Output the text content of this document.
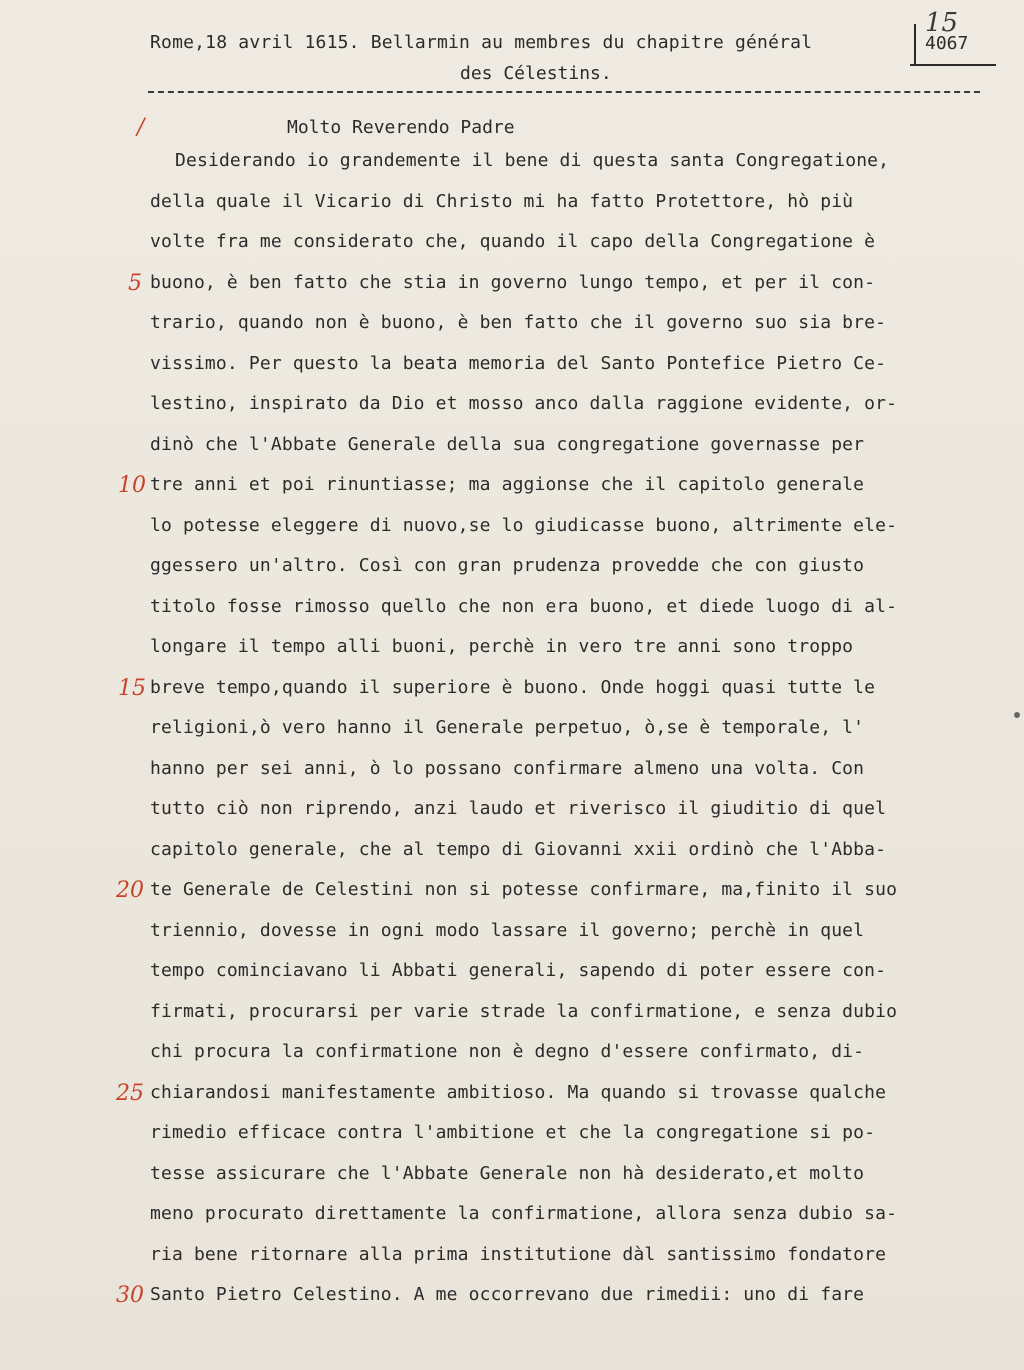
Rome,18 avril 1615. Bellarmin au membres du chapitre général
des Célestins.
15
4067
/	Molto Reverendo Padre
Desiderando io grandemente il bene di questa santa Congregatione,
della quale il Vicario di Christo mi ha fatto Protettore, hò più
volte fra me considerato che, quando il capo della Congregatione è
buono, è ben fatto che stia in governo lungo tempo, et per il con-
trario, quando non è buono, è ben fatto che il governo suo sia bre-
vissimo. Per questo la beata memoria del Santo Pontefice Pietro Ce-
lestino, inspirato da Dio et mosso anco dalla raggione evidente, or-
dinò che l'Abbate Generale della sua congregatione governasse per
tre anni et poi rinuntiasse; ma aggionse che il capitolo generale
lo potesse eleggere di nuovo,se lo giudicasse buono, altrimente ele-
ggessero un'altro. Così con gran prudenza provedde che con giusto
titolo fosse rimosso quello che non era buono, et diede luogo di al-
longare il tempo alli buoni, perchè in vero tre anni sono troppo
breve tempo,quando il superiore è buono. Onde hoggi quasi tutte le
religioni,ò vero hanno il Generale perpetuo, ò,se è temporale, l'
hanno per sei anni, ò lo possano confirmare almeno una volta. Con
tutto ciò non riprendo, anzi laudo et riverisco il giuditio di quel
capitolo generale, che al tempo di Giovanni xxii ordinò che l'Abba-
te Generale de Celestini non si potesse confirmare, ma,finito il suo
triennio, dovesse in ogni modo lassare il governo; perchè in quel
tempo cominciavano li Abbati generali, sapendo di poter essere con-
firmati, procurarsi per varie strade la confirmatione, e senza dubio
chi procura la confirmatione non è degno d'essere confirmato, di-
chiarandosi manifestamente ambitioso. Ma quando si trovasse qualche
rimedio efficace contra l'ambitione et che la congregatione si po-
tesse assicurare che l'Abbate Generale non hà desiderato,et molto
meno procurato direttamente la confirmatione, allora senza dubio sa-
ria bene ritornare alla prima institutione dàl santissimo fondatore
Santo Pietro Celestino. A me occorrevano due rimedii: uno di fare
5
10
15
20
25
30
